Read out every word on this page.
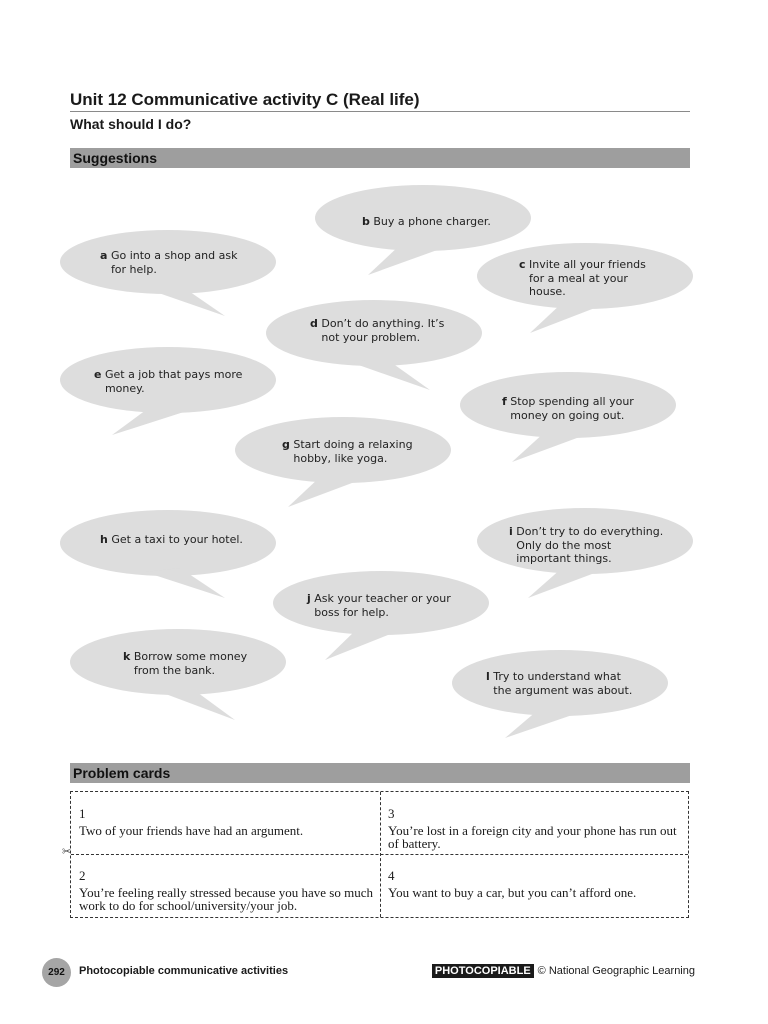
Unit 12 Communicative activity C (Real life)
What should I do?
Suggestions
a Go into a shop and ask
for help.
b Buy a phone charger.
c Invite all your friends
for a meal at your
house.
d Don’t do anything. It’s
not your problem.
e Get a job that pays more
money.
f Stop spending all your
money on going out.
g Start doing a relaxing
hobby, like yoga.
h Get a taxi to your hotel.
i Don’t try to do everything.
Only do the most
important things.
j Ask your teacher or your
boss for help.
k Borrow some money
from the bank.	l Try to understand what
the argument was about.
Problem cards
1
Two of your friends have had an argument.
3
You’re lost in a foreign city and your phone has run out of battery.
2
You’re feeling really stressed because you have so much work to do for school/university/your job.
4
You want to buy a car, but you can’t afford one.
✂
292	Photocopiable communicative activities	PHOTOCOPIABLE © National Geographic Learning
